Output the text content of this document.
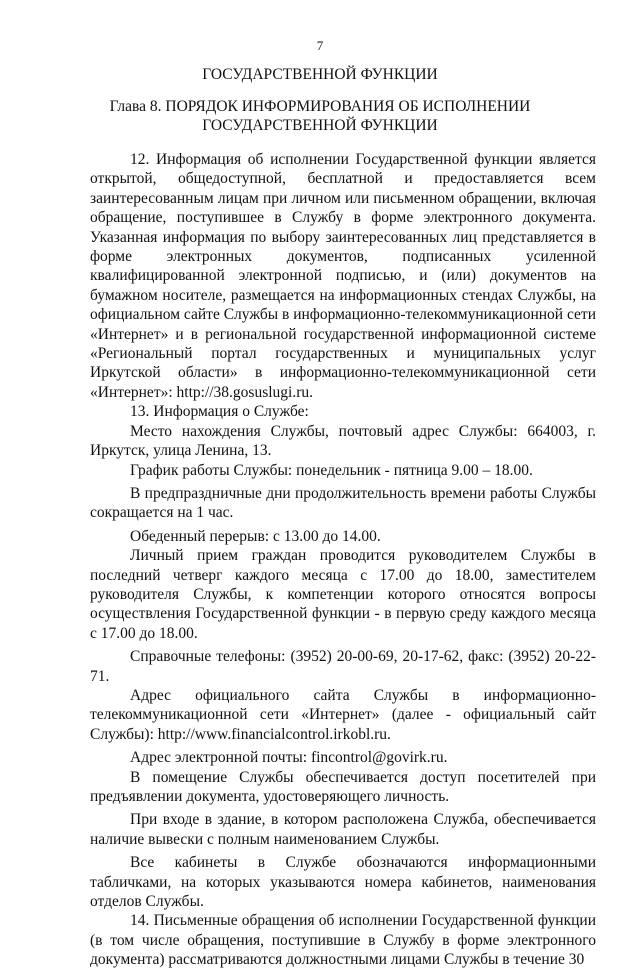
7
ГОСУДАРСТВЕННОЙ ФУНКЦИИ
Глава 8. ПОРЯДОК ИНФОРМИРОВАНИЯ ОБ ИСПОЛНЕНИИ
ГОСУДАРСТВЕННОЙ ФУНКЦИИ

12. Информация об исполнении Государственной функции является открытой, общедоступной, бесплатной и предоставляется всем заинтересованным лицам при личном или письменном обращении, включая обращение, поступившее в Службу в форме электронного документа. Указанная информация по выбору заинтересованных лиц представляется в форме электронных документов, подписанных усиленной квалифицированной электронной подписью, и (или) документов на бумажном носителе, размещается на информационных стендах Службы, на официальном сайте Службы в информационно-телекоммуникационной сети «Интернет» и в региональной государственной информационной системе «Региональный портал государственных и муниципальных услуг Иркутской области» в информационно-телекоммуникационной сети «Интернет»: http://38.gosuslugi.ru.

13. Информация о Службе:

Место нахождения Службы, почтовый адрес Службы: 664003, г. Иркутск, улица Ленина, 13.

График работы Службы: понедельник - пятница 9.00 – 18.00.

В предпраздничные дни продолжительность времени работы Службы сокращается на 1 час.

Обеденный перерыв: с 13.00 до 14.00.

Личный прием граждан проводится руководителем Службы в последний четверг каждого месяца с 17.00 до 18.00, заместителем руководителя Службы, к компетенции которого относятся вопросы осуществления Государственной функции - в первую среду каждого месяца с 17.00 до 18.00.

Справочные телефоны: (3952) 20-00-69, 20-17-62, факс: (3952) 20-22-71.

Адрес официального сайта Службы в информационно-телекоммуникационной сети «Интернет» (далее - официальный сайт Службы): http://www.financialcontrol.irkobl.ru.

Адрес электронной почты: fincontrol@govirk.ru.

В помещение Службы обеспечивается доступ посетителей при предъявлении документа, удостоверяющего личность.

При входе в здание, в котором расположена Служба, обеспечивается наличие вывески с полным наименованием Службы.

Все кабинеты в Службе обозначаются информационными табличками, на которых указываются номера кабинетов, наименования отделов Службы.

14. Письменные обращения об исполнении Государственной функции (в том числе обращения, поступившие в Службу в форме электронного документа) рассматриваются должностными лицами Службы в течение 30
